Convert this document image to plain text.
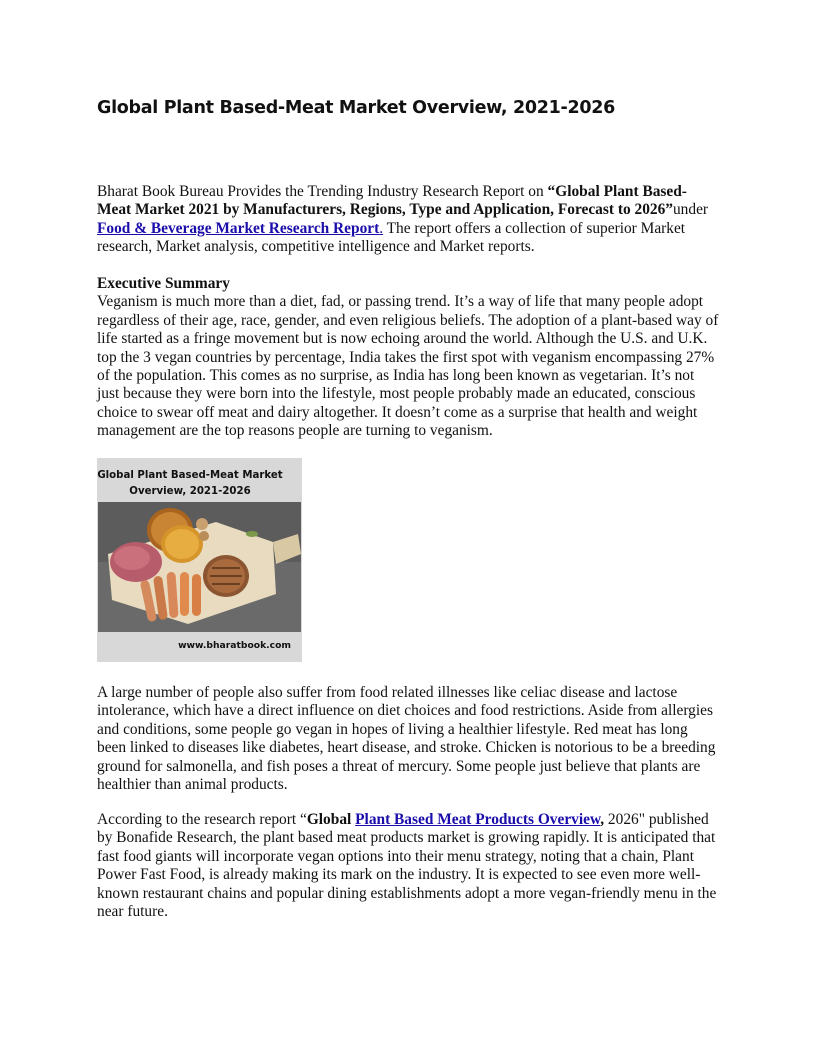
Global Plant Based-Meat Market Overview, 2021-2026
Bharat Book Bureau Provides the Trending Industry Research Report on “Global Plant Based-Meat Market 2021 by Manufacturers, Regions, Type and Application, Forecast to 2026”under Food & Beverage Market Research Report. The report offers a collection of superior Market research, Market analysis, competitive intelligence and Market reports.
Executive Summary
Veganism is much more than a diet, fad, or passing trend. It’s a way of life that many people adopt regardless of their age, race, gender, and even religious beliefs. The adoption of a plant-based way of life started as a fringe movement but is now echoing around the world. Although the U.S. and U.K. top the 3 vegan countries by percentage, India takes the first spot with veganism encompassing 27% of the population. This comes as no surprise, as India has long been known as vegetarian. It’s not just because they were born into the lifestyle, most people probably made an educated, conscious choice to swear off meat and dairy altogether. It doesn’t come as a surprise that health and weight management are the top reasons people are turning to veganism.
Global Plant Based-Meat Market Overview, 2021-2026
www.bharatbook.com
A large number of people also suffer from food related illnesses like celiac disease and lactose intolerance, which have a direct influence on diet choices and food restrictions. Aside from allergies and conditions, some people go vegan in hopes of living a healthier lifestyle. Red meat has long been linked to diseases like diabetes, heart disease, and stroke. Chicken is notorious to be a breeding ground for salmonella, and fish poses a threat of mercury. Some people just believe that plants are healthier than animal products.
According to the research report “Global Plant Based Meat Products Overview, 2026" published by Bonafide Research, the plant based meat products market is growing rapidly. It is anticipated that fast food giants will incorporate vegan options into their menu strategy, noting that a chain, Plant Power Fast Food, is already making its mark on the industry. It is expected to see even more well-known restaurant chains and popular dining establishments adopt a more vegan-friendly menu in the near future.
